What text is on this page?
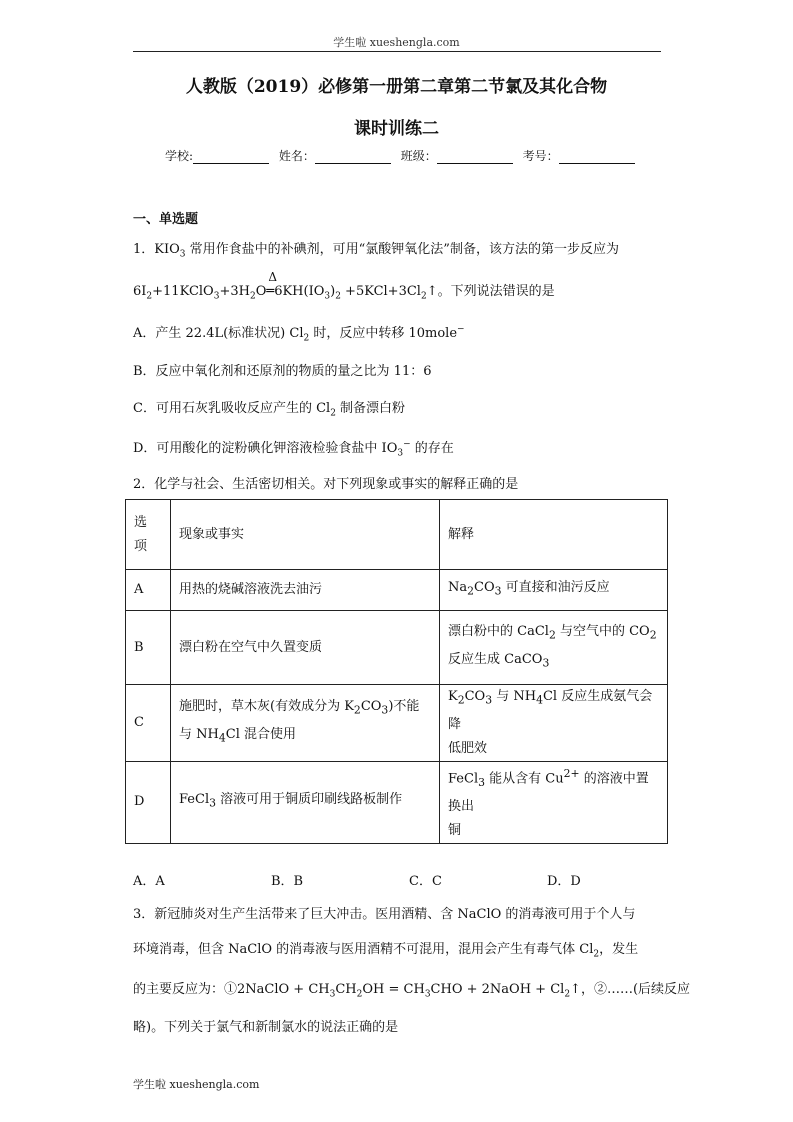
学生啦 xueshengla.com
人教版（2019）必修第一册第二章第二节氯及其化合物
课时训练二
学校:	姓名：	班级：	考号：
一、单选题
1．$KIO_3$ 常用作食盐中的补碘剂，可用“氯酸钾氧化法”制备，该方法的第一步反应为
$6I_2+11KClO_3+3H_2O$
Δ
$═6KH(IO_3)_2$ $+5KCl+3Cl_2↑$。下列说法错误的是
A．产生 22.4L(标准状况) $Cl_2$ 时，反应中转移 10mole−
B．反应中氧化剂和还原剂的物质的量之比为 11：6
C．可用石灰乳吸收反应产生的 $Cl_2$ 制备漂白粉
D．可用酸化的淀粉碘化钾溶液检验食盐中 $IO_3^-$ 的存在
2．化学与社会、生活密切相关。对下列现象或事实的解释正确的是
选
项	现象或事实	解释
A	用热的烧碱溶液洗去油污	$Na_2CO_3$ 可直接和油污反应
B	漂白粉在空气中久置变质	漂白粉中的 CaCl$_2$ 与空气中的 $CO_2$
反应生成 CaCO$_3$
C	施肥时，草木灰(有效成分为 $K_2CO_3$)不能
与 $NH_4Cl$ 混合使用	$K_2CO_3$ 与 $NH_4Cl$ 反应生成氨气会降
低肥效
D	FeCl$_3$ 溶液可用于铜质印刷线路板制作	FeCl$_3$ 能从含有 $Cu^{2+}$ 的溶液中置换出
铜
A．A	B．B	C．C	D．D
3．新冠肺炎对生产生活带来了巨大冲击。医用酒精、含 NaClO 的消毒液可用于个人与
环境消毒，但含 NaClO 的消毒液与医用酒精不可混用，混用会产生有毒气体 $Cl_2$，发生
的主要反应为：①2NaClO + $CH_3CH_2OH = CH_3CHO$ + 2NaOH + $Cl_2↑$，②……(后续反应
略)。下列关于氯气和新制氯水的说法正确的是
学生啦 xueshengla.com
